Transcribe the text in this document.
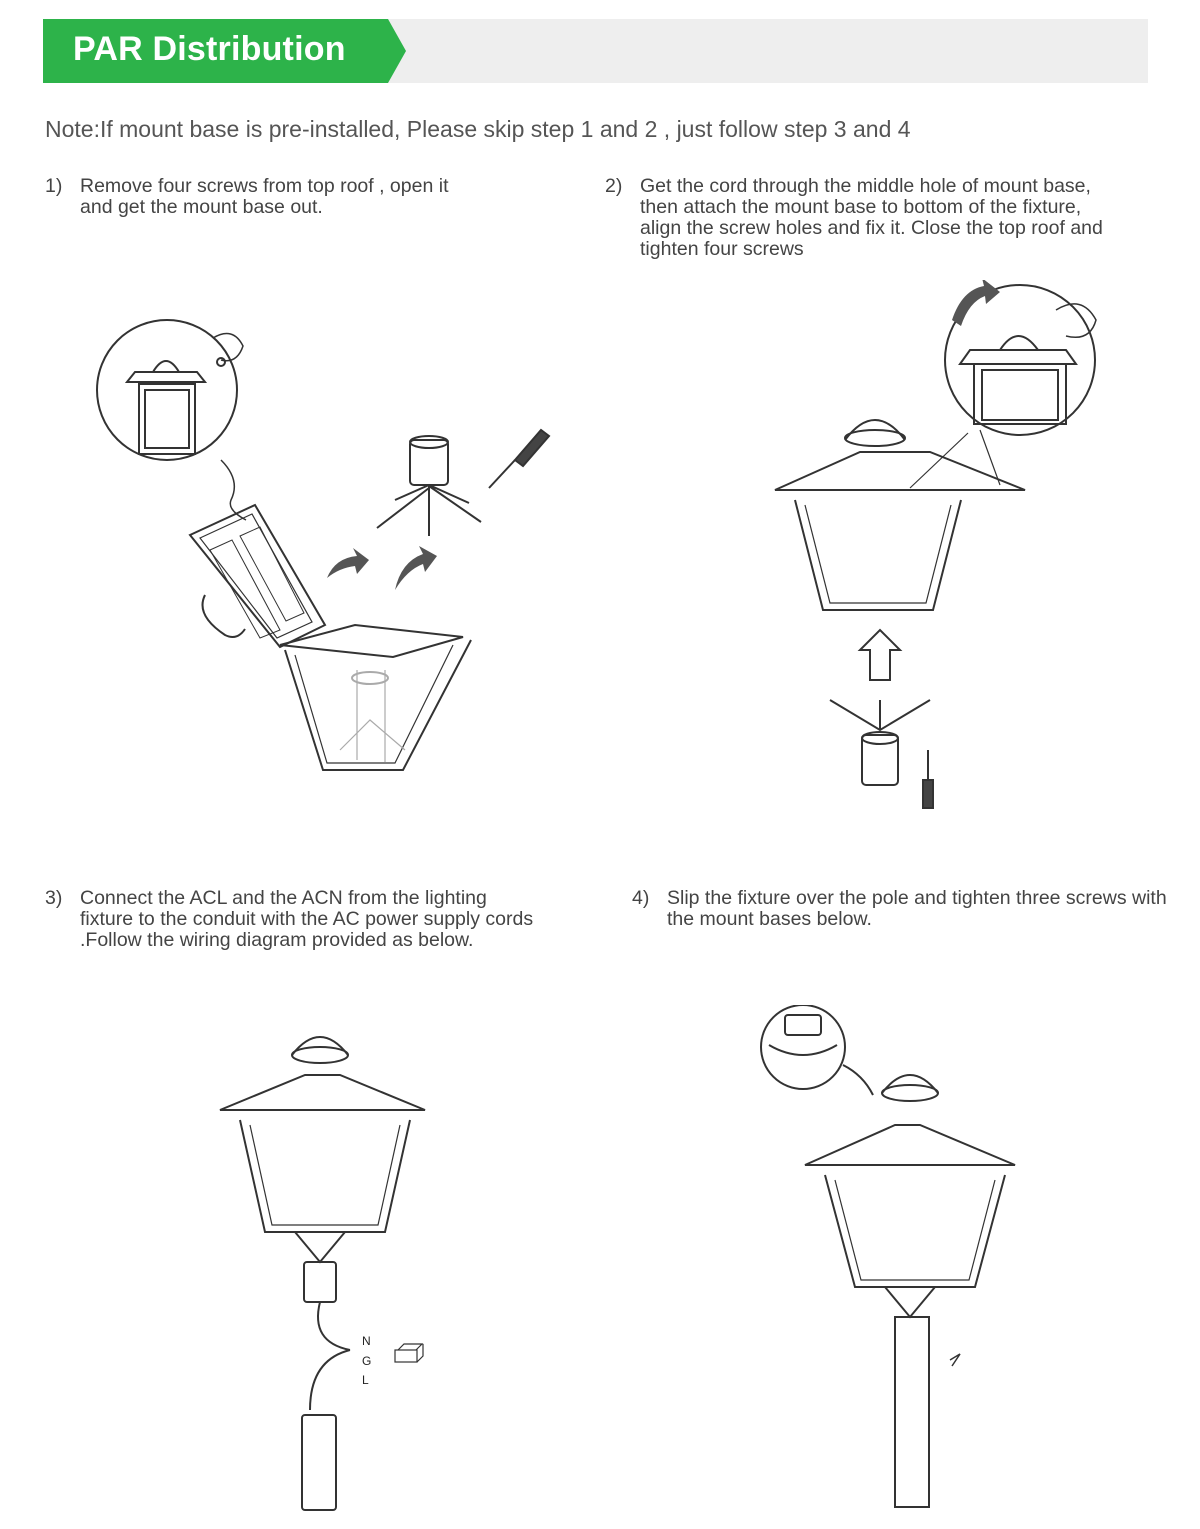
PAR Distribution
Note:If mount base is pre-installed, Please skip step 1 and 2 , just follow step 3 and 4
1) Remove four screws from top roof , open it and get the mount base out.
2) Get the cord through the middle hole of mount base, then attach the mount base to bottom of the fixture, align the screw holes and fix it. Close the top roof and tighten four screws
3) Connect the ACL and the ACN from the lighting fixture to the conduit with the AC power supply cords .Follow the wiring diagram provided as below.
4) Slip the fixture over the pole and tighten three screws with the mount bases below.
N
G
L
